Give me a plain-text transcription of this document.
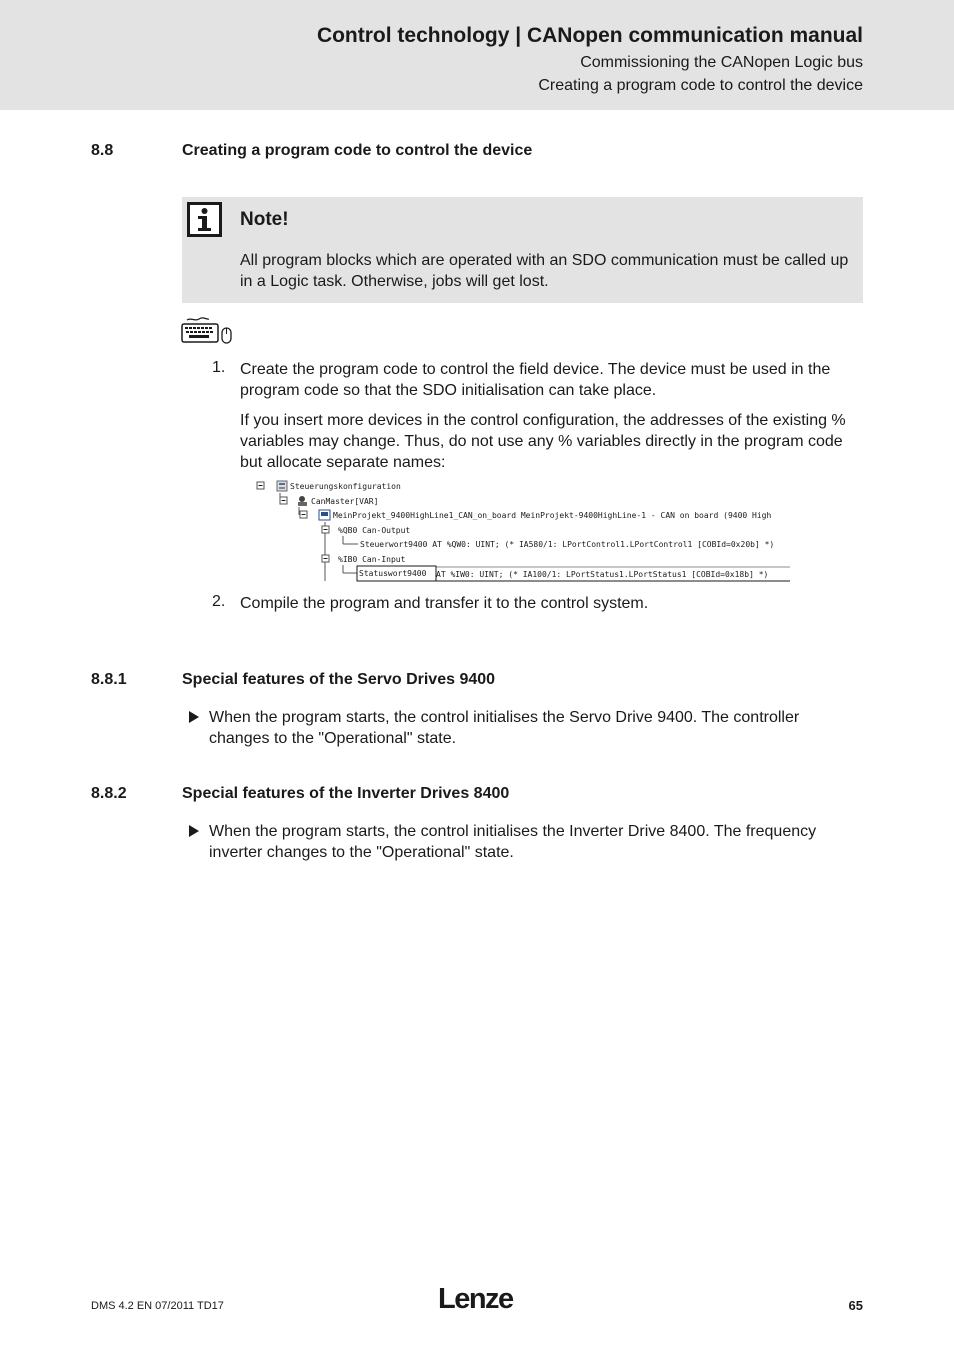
Control technology | CANopen communication manual
Commissioning the CANopen Logic bus
Creating a program code to control the device
8.8	Creating a program code to control the device
Note!
All program blocks which are operated with an SDO communication must be called up in a Logic task. Otherwise, jobs will get lost.
1. Create the program code to control the field device. The device must be used in the program code so that the SDO initialisation can take place.
If you insert more devices in the control configuration, the addresses of the existing % variables may change. Thus, do not use any % variables directly in the program code but allocate separate names:
Steuerungskonfiguration
CanMaster[VAR]
MeinProjekt_9400HighLine1_CAN_on_board MeinProjekt-9400HighLine-1 - CAN on board (9400 High
%QB0 Can-Output
Steuerwort9400 AT %QW0: UINT; (* IA580/1: LPortControl1.LPortControl1 [COBId=0x20b] *)
%IB0 Can-Input
Statuswort9400 AT %IW0: UINT; (* IA100/1: LPortStatus1.LPortStatus1 [COBId=0x18b] *)
2. Compile the program and transfer it to the control system.
8.8.1	Special features of the Servo Drives 9400
When the program starts, the control initialises the Servo Drive 9400. The controller changes to the "Operational" state.
8.8.2	Special features of the Inverter Drives 8400
When the program starts, the control initialises the Inverter Drive 8400. The frequency inverter changes to the "Operational" state.
DMS 4.2 EN 07/2011 TD17	Lenze	65
